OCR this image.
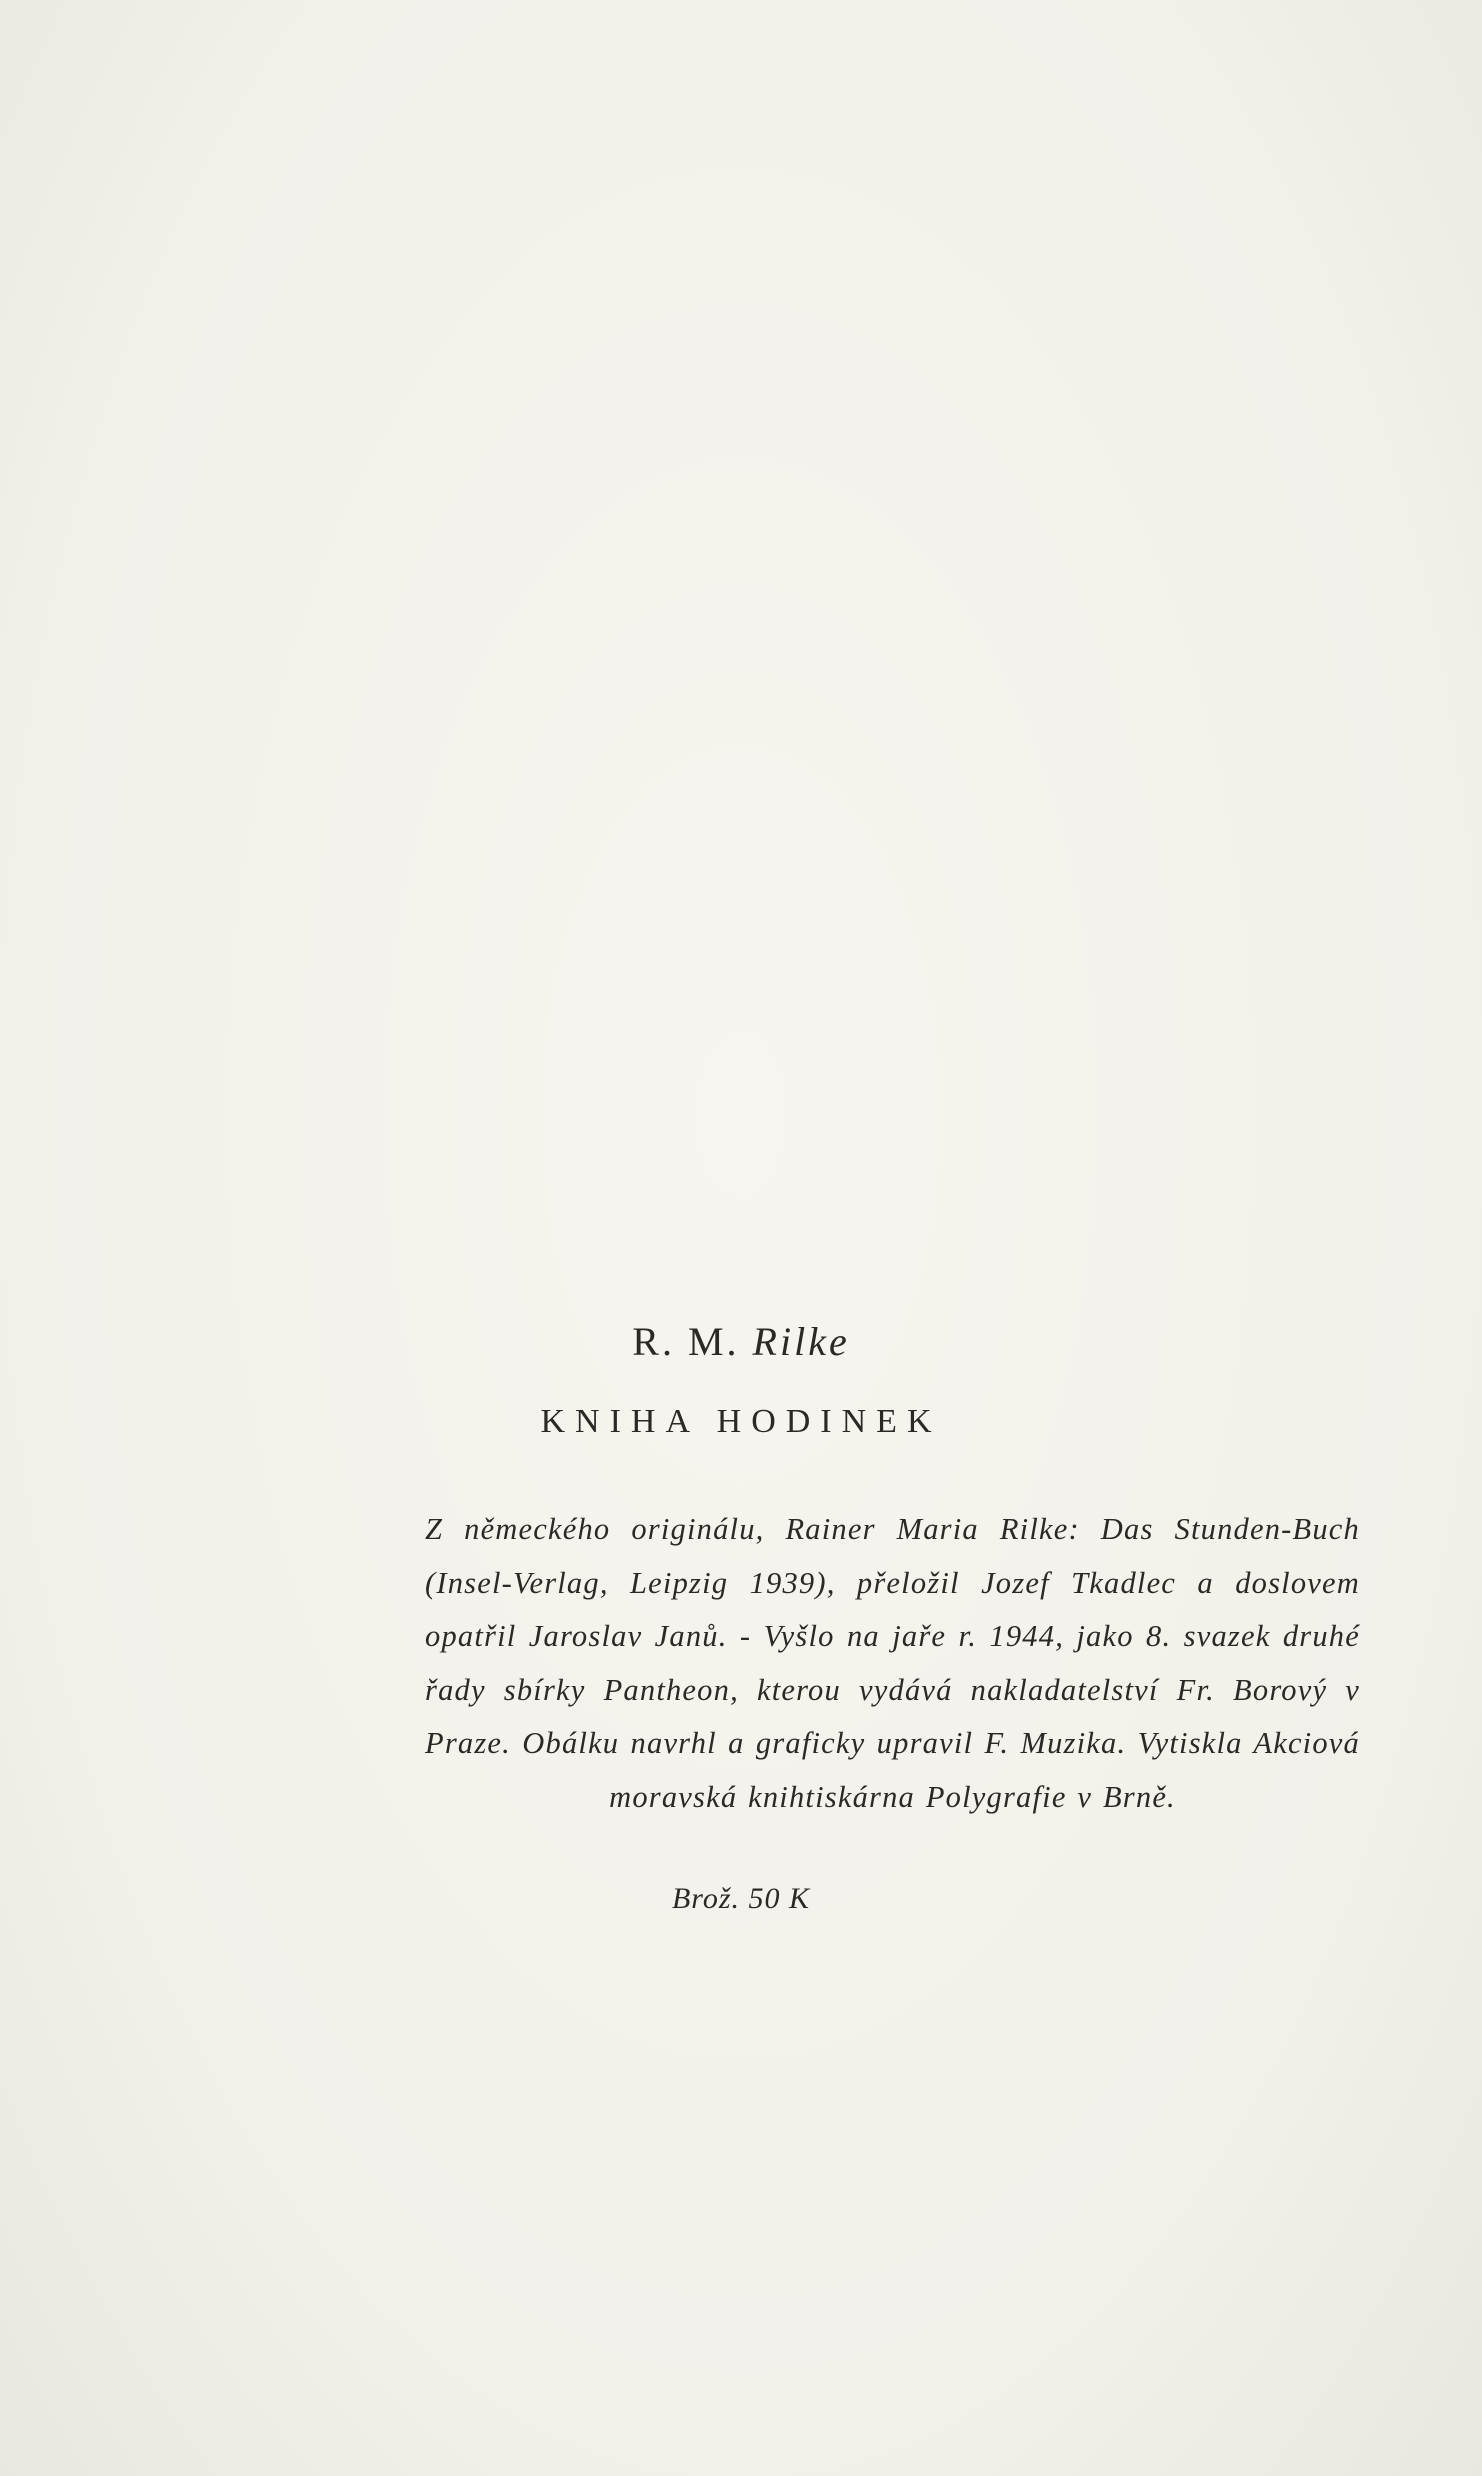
R. M. Rilke
KNIHA HODINEK
Z německého originálu, Rainer Maria Rilke: Das Stunden-Buch (Insel-Verlag, Leipzig 1939), přeložil Jozef Tkadlec a doslovem opatřil Jaroslav Janů. - Vyšlo na jaře r. 1944, jako 8. svazek druhé řady sbírky Pantheon, kterou vydává nakladatelství Fr. Borový v Praze. Obálku navrhl a graficky upravil F. Muzika. Vytiskla Akciová moravská knihtiskárna Polygrafie v Brně.
Brož. 50 K
